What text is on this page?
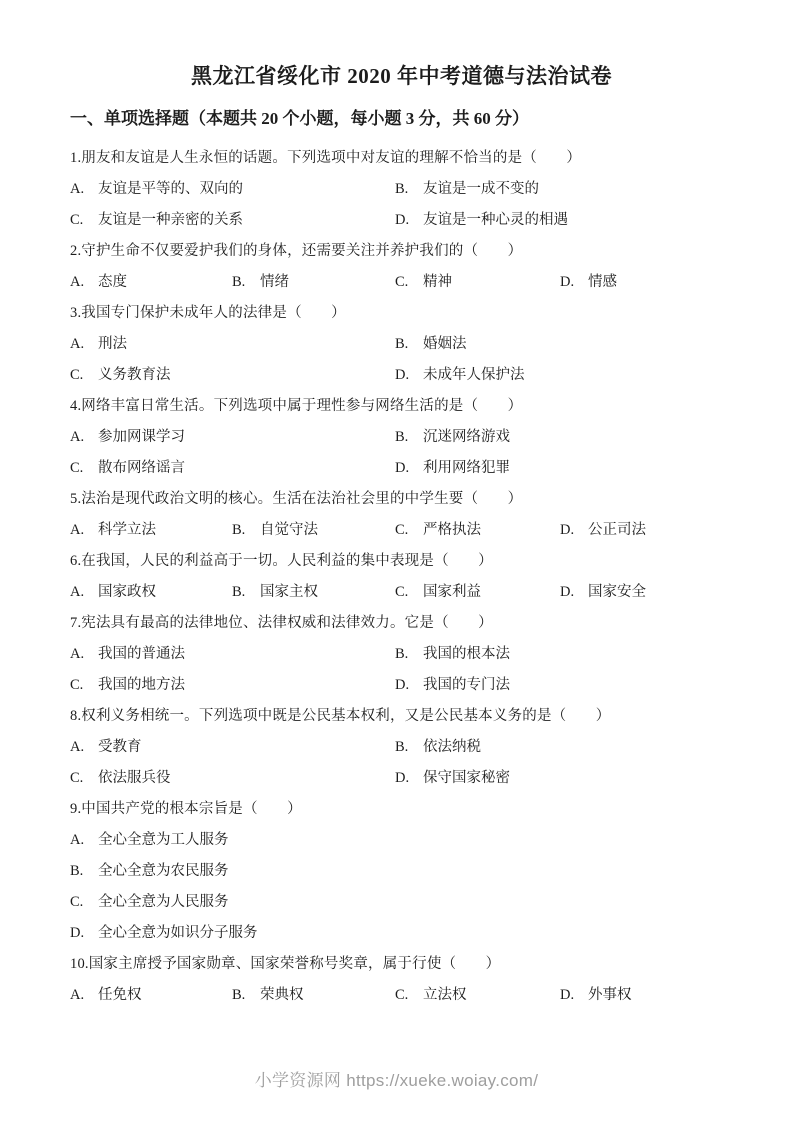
黑龙江省绥化市 2020 年中考道德与法治试卷
一、单项选择题（本题共 20 个小题，每小题 3 分，共 60 分）
1.朋友和友谊是人生永恒的话题。下列选项中对友谊的理解不恰当的是（　　）
A. 友谊是平等的、双向的	B. 友谊是一成不变的
C. 友谊是一种亲密的关系	D. 友谊是一种心灵的相遇
2.守护生命不仅要爱护我们的身体，还需要关注并养护我们的（　　）
A. 态度	B. 情绪	C. 精神	D. 情感
3.我国专门保护未成年人的法律是（　　）
A. 刑法	B. 婚姻法
C. 义务教育法	D. 未成年人保护法
4.网络丰富日常生活。下列选项中属于理性参与网络生活的是（　　）
A. 参加网课学习	B. 沉迷网络游戏
C. 散布网络谣言	D. 利用网络犯罪
5.法治是现代政治文明的核心。生活在法治社会里的中学生要（　　）
A. 科学立法	B. 自觉守法	C. 严格执法	D. 公正司法
6.在我国，人民的利益高于一切。人民利益的集中表现是（　　）
A. 国家政权	B. 国家主权	C. 国家利益	D. 国家安全
7.宪法具有最高的法律地位、法律权威和法律效力。它是（　　）
A. 我国的普通法	B. 我国的根本法
C. 我国的地方法	D. 我国的专门法
8.权利义务相统一。下列选项中既是公民基本权利，又是公民基本义务的是（　　）
A. 受教育	B. 依法纳税
C. 依法服兵役	D. 保守国家秘密
9.中国共产党的根本宗旨是（　　）
A. 全心全意为工人服务
B. 全心全意为农民服务
C. 全心全意为人民服务
D. 全心全意为如识分子服务
10.国家主席授予国家勋章、国家荣誉称号奖章，属于行使（　　）
A. 任免权	B. 荣典权	C. 立法权	D. 外事权
小学资源网 https://xueke.woiay.com/
